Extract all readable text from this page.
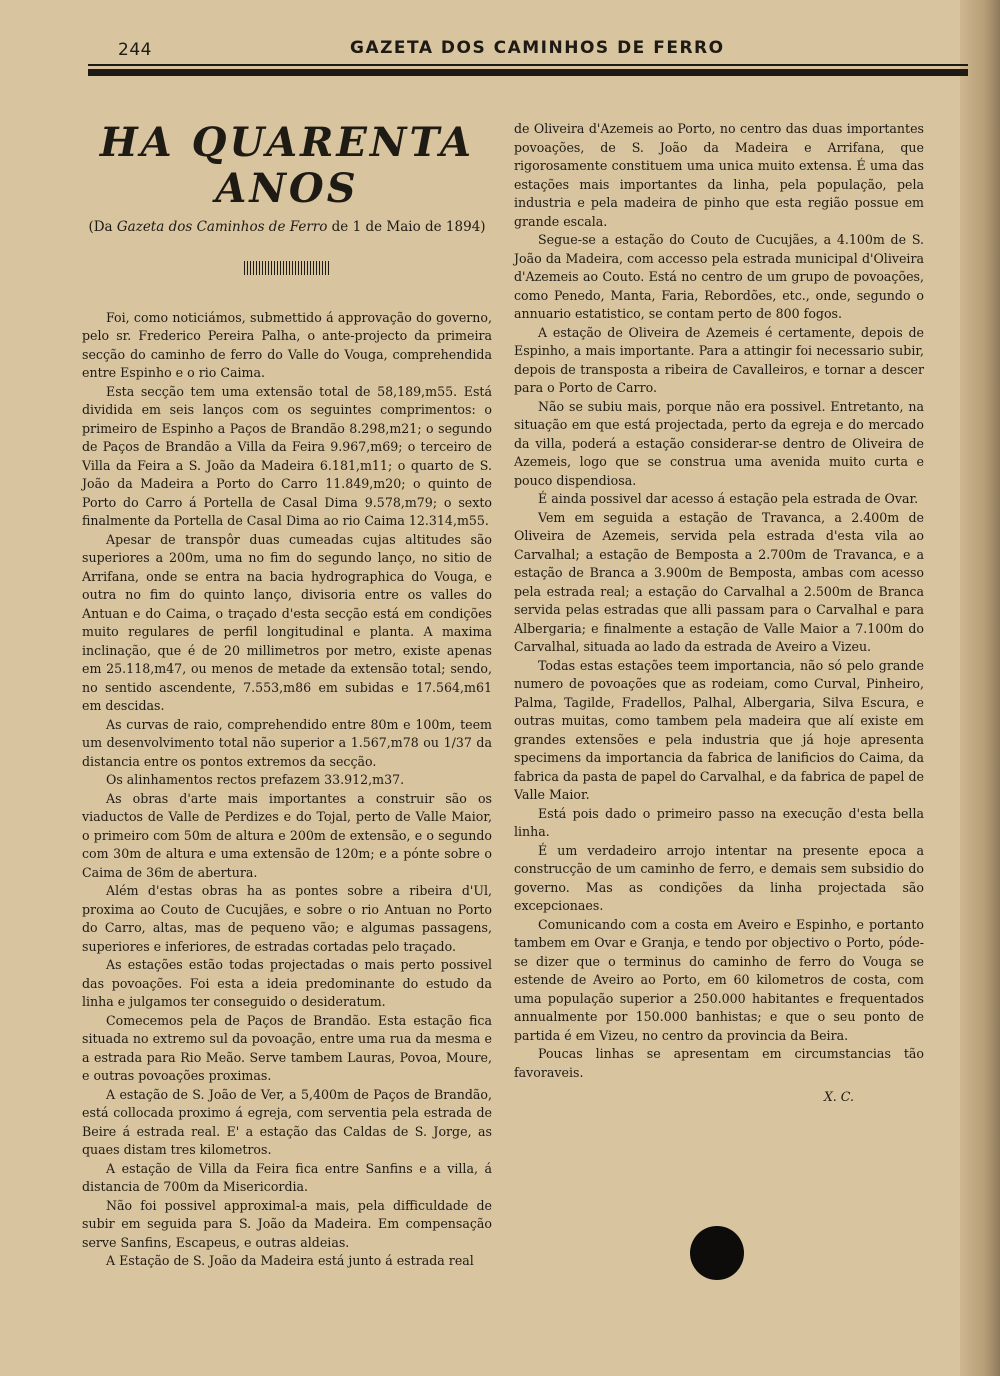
244	GAZETA DOS CAMINHOS DE FERRO
HA QUARENTA ANOS
(Da Gazeta dos Caminhos de Ferro de 1 de Maio de 1894)

Foi, como noticiámos, submettido á approvação do governo, pelo sr. Frederico Pereira Palha, o ante-projecto da primeira secção do caminho de ferro do Valle do Vouga, comprehendida entre Espinho e o rio Caima.

Esta secção tem uma extensão total de 58,189,m55. Está dividida em seis lanços com os seguintes comprimentos: o primeiro de Espinho a Paços de Brandão 8.298,m21; o segundo de Paços de Brandão a Villa da Feira 9.967,m69; o terceiro de Villa da Feira a S. João da Madeira 6.181,m11; o quarto de S. João da Madeira a Porto do Carro 11.849,m20; o quinto de Porto do Carro á Portella de Casal Dima 9.578,m79; o sexto finalmente da Portella de Casal Dima ao rio Caima 12.314,m55.

Apesar de transpôr duas cumeadas cujas altitudes são superiores a 200m, uma no fim do segundo lanço, no sitio de Arrifana, onde se entra na bacia hydrographica do Vouga, e outra no fim do quinto lanço, divisoria entre os valles do Antuan e do Caima, o traçado d'esta secção está em condições muito regulares de perfil longitudinal e planta. A maxima inclinação, que é de 20 millimetros por metro, existe apenas em 25.118,m47, ou menos de metade da extensão total; sendo, no sentido ascendente, 7.553,m86 em subidas e 17.564,m61 em descidas.

As curvas de raio, comprehendido entre 80m e 100m, teem um desenvolvimento total não superior a 1.567,m78 ou 1/37 da distancia entre os pontos extremos da secção.

Os alinhamentos rectos prefazem 33.912,m37.

As obras d'arte mais importantes a construir são os viaductos de Valle de Perdizes e do Tojal, perto de Valle Maior, o primeiro com 50m de altura e 200m de extensão, e o segundo com 30m de altura e uma extensão de 120m; e a pónte sobre o Caima de 36m de abertura.

Além d'estas obras ha as pontes sobre a ribeira d'Ul, proxima ao Couto de Cucujães, e sobre o rio Antuan no Porto do Carro, altas, mas de pequeno vão; e algumas passagens, superiores e inferiores, de estradas cortadas pelo traçado.

As estações estão todas projectadas o mais perto possivel das povoações. Foi esta a ideia predominante do estudo da linha e julgamos ter conseguido o desideratum.

Comecemos pela de Paços de Brandão. Esta estação fica situada no extremo sul da povoação, entre uma rua da mesma e a estrada para Rio Meão. Serve tambem Lauras, Povoa, Moure, e outras povoações proximas.

A estação de S. João de Ver, a 5,400m de Paços de Brandão, está collocada proximo á egreja, com serventia pela estrada de Beire á estrada real. E' a estação das Caldas de S. Jorge, as quaes distam tres kilometros.

A estação de Villa da Feira fica entre Sanfins e a villa, á distancia de 700m da Misericordia.

Não foi possivel approximal-a mais, pela difficuldade de subir em seguida para S. João da Madeira. Em compensação serve Sanfins, Escapeus, e outras aldeias.

A Estação de S. João da Madeira está junto á estrada real

de Oliveira d'Azemeis ao Porto, no centro das duas importantes povoações, de S. João da Madeira e Arrifana, que rigorosamente constituem uma unica muito extensa. É uma das estações mais importantes da linha, pela população, pela industria e pela madeira de pinho que esta região possue em grande escala.

Segue-se a estação do Couto de Cucujães, a 4.100m de S. João da Madeira, com accesso pela estrada municipal d'Oliveira d'Azemeis ao Couto. Está no centro de um grupo de povoações, como Penedo, Manta, Faria, Rebordões, etc., onde, segundo o annuario estatistico, se contam perto de 800 fogos.

A estação de Oliveira de Azemeis é certamente, depois de Espinho, a mais importante. Para a attingir foi necessario subir, depois de transposta a ribeira de Cavalleiros, e tornar a descer para o Porto de Carro.

Não se subiu mais, porque não era possivel. Entretanto, na situação em que está projectada, perto da egreja e do mercado da villa, poderá a estação considerar-se dentro de Oliveira de Azemeis, logo que se construa uma avenida muito curta e pouco dispendiosa.

É ainda possivel dar acesso á estação pela estrada de Ovar.

Vem em seguida a estação de Travanca, a 2.400m de Oliveira de Azemeis, servida pela estrada d'esta vila ao Carvalhal; a estação de Bemposta a 2.700m de Travanca, e a estação de Branca a 3.900m de Bemposta, ambas com acesso pela estrada real; a estação do Carvalhal a 2.500m de Branca servida pelas estradas que alli passam para o Carvalhal e para Albergaria; e finalmente a estação de Valle Maior a 7.100m do Carvalhal, situada ao lado da estrada de Aveiro a Vizeu.

Todas estas estações teem importancia, não só pelo grande numero de povoações que as rodeiam, como Curval, Pinheiro, Palma, Tagilde, Fradellos, Palhal, Albergaria, Silva Escura, e outras muitas, como tambem pela madeira que alí existe em grandes extensões e pela industria que já hoje apresenta specimens da importancia da fabrica de lanificios do Caima, da fabrica da pasta de papel do Carvalhal, e da fabrica de papel de Valle Maior.

Está pois dado o primeiro passo na execução d'esta bella linha.

É um verdadeiro arrojo intentar na presente epoca a construcção de um caminho de ferro, e demais sem subsidio do governo. Mas as condições da linha projectada são excepcionaes.

Comunicando com a costa em Aveiro e Espinho, e portanto tambem em Ovar e Granja, e tendo por objectivo o Porto, póde-se dizer que o terminus do caminho de ferro do Vouga se estende de Aveiro ao Porto, em 60 kilometros de costa, com uma população superior a 250.000 habitantes e frequentados annualmente por 150.000 banhistas; e que o seu ponto de partida é em Vizeu, no centro da provincia da Beira.

Poucas linhas se apresentam em circumstancias tão favoraveis.

X. C.
